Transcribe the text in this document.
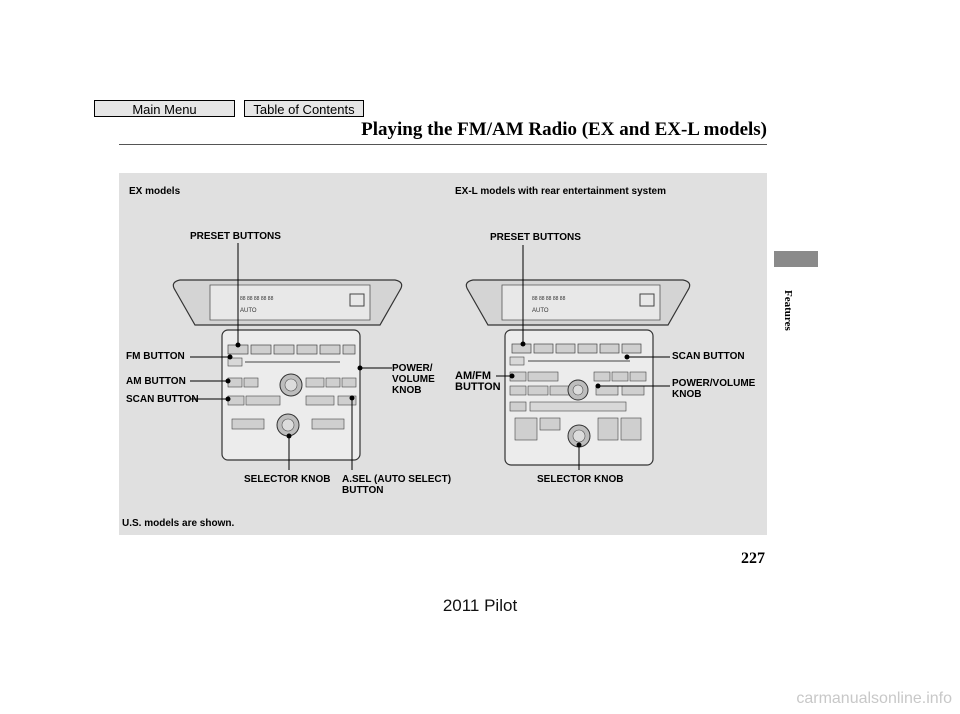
Main Menu	Table of Contents
Playing the FM/AM Radio (EX and EX-L models)
Features
88 88 88 88 88
AUTO
88 88 88 88 88
AUTO
EX models	EX-L models with rear entertainment system
PRESET BUTTONS
FM BUTTON
AM BUTTON
SCAN BUTTON
POWER/
VOLUME
KNOB
SELECTOR KNOB A.SEL (AUTO SELECT)
BUTTON
PRESET BUTTONS
SCAN BUTTON
AM/FM
BUTTON	POWER/VOLUME
KNOB
SELECTOR KNOB
U.S. models are shown.
227
2011 Pilot
carmanualsonline.info
